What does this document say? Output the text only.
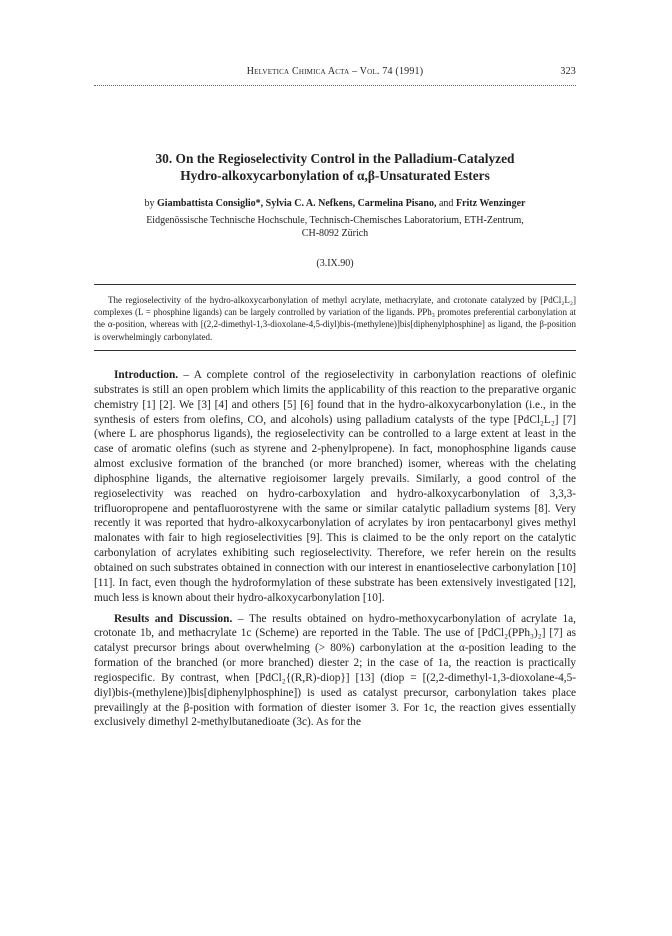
Helvetica Chimica Acta – Vol. 74 (1991)	323
30. On the Regioselectivity Control in the Palladium-Catalyzed
Hydro-alkoxycarbonylation of α,β-Unsaturated Esters
by Giambattista Consiglio*, Sylvia C. A. Nefkens, Carmelina Pisano, and Fritz Wenzinger
Eidgenössische Technische Hochschule, Technisch-Chemisches Laboratorium, ETH-Zentrum,
CH-8092 Zürich
(3.IX.90)

The regioselectivity of the hydro-alkoxycarbonylation of methyl acrylate, methacrylate, and crotonate catalyzed by [PdCl₂L₂] complexes (L = phosphine ligands) can be largely controlled by variation of the ligands. PPh₃ promotes preferential carbonylation at the α-position, whereas with [(2,2-dimethyl-1,3-dioxolane-4,5-diyl)bis-(methylene)]bis[diphenylphosphine] as ligand, the β-position is overwhelmingly carbonylated.

Introduction. – A complete control of the regioselectivity in carbonylation reactions of olefinic substrates is still an open problem which limits the applicability of this reaction to the preparative organic chemistry [1] [2]. We [3] [4] and others [5] [6] found that in the hydro-alkoxycarbonylation (i.e., in the synthesis of esters from olefins, CO, and alcohols) using palladium catalysts of the type [PdCl₂L₂] [7] (where L are phosphorus ligands), the regioselectivity can be controlled to a large extent at least in the case of aromatic olefins (such as styrene and 2-phenylpropene). In fact, monophosphine ligands cause almost exclusive formation of the branched (or more branched) isomer, whereas with the chelating diphosphine ligands, the alternative regioisomer largely prevails. Similarly, a good control of the regioselectivity was reached on hydro-carboxylation and hydro-alkoxycarbonylation of 3,3,3-trifluoropropene and pentafluorostyrene with the same or similar catalytic palladium systems [8]. Very recently it was reported that hydro-alkoxycarbonylation of acrylates by iron pentacarbonyl gives methyl malonates with fair to high regioselectivities [9]. This is claimed to be the only report on the catalytic carbonylation of acrylates exhibiting such regioselectivity. Therefore, we refer herein on the results obtained on such substrates obtained in connection with our interest in enantioselective carbonylation [10] [11]. In fact, even though the hydroformylation of these substrate has been extensively investigated [12], much less is known about their hydro-alkoxycarbonylation [10].

Results and Discussion. – The results obtained on hydro-methoxycarbonylation of acrylate 1a, crotonate 1b, and methacrylate 1c (Scheme) are reported in the Table. The use of [PdCl₂(PPh₃)₂] [7] as catalyst precursor brings about overwhelming (> 80%) carbonylation at the α-position leading to the formation of the branched (or more branched) diester 2; in the case of 1a, the reaction is practically regiospecific. By contrast, when [PdCl₂{(R,R)-diop}] [13] (diop = [(2,2-dimethyl-1,3-dioxolane-4,5-diyl)bis-(methylene)]bis[diphenylphosphine]) is used as catalyst precursor, carbonylation takes place prevailingly at the β-position with formation of diester isomer 3. For 1c, the reaction gives essentially exclusively dimethyl 2-methylbutanedioate (3c). As for the
